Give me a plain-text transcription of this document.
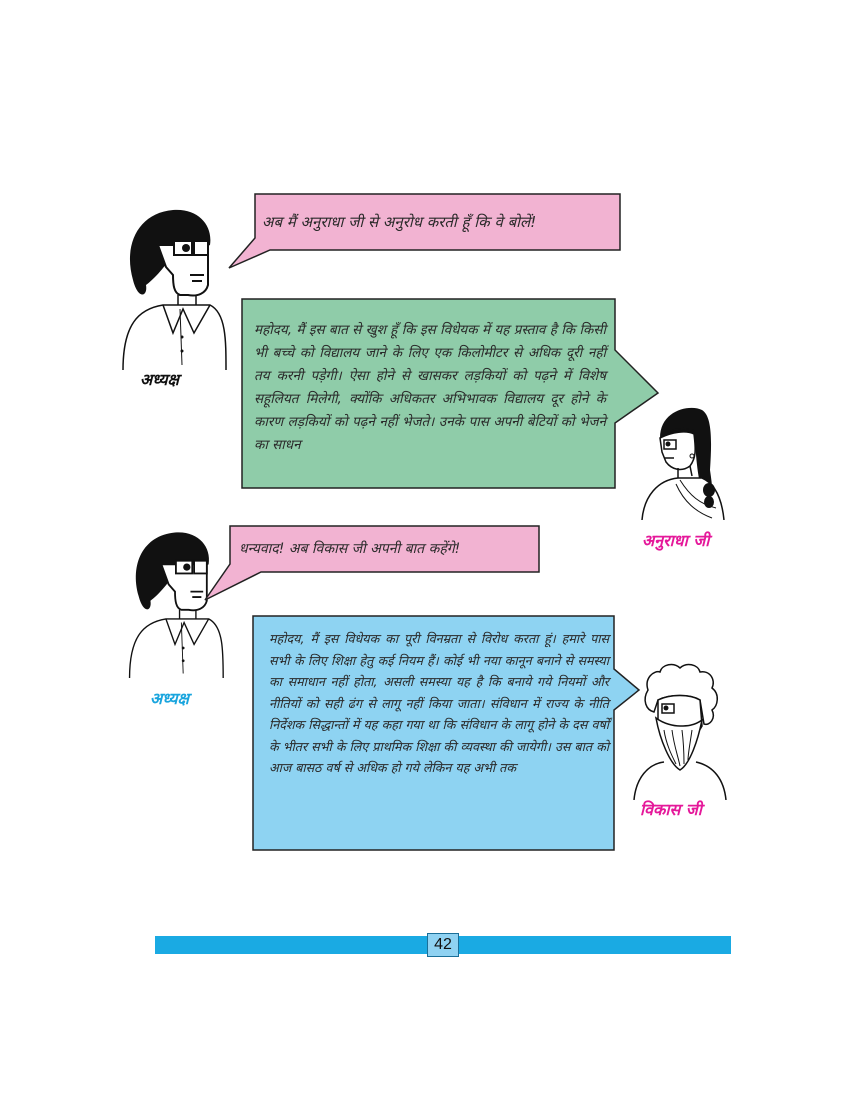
अध्यक्ष
अब मैं अनुराधा जी से अनुरोध करती हूँ कि वे बोलें!
महोदय, मैं इस बात से खुश हूँ कि इस विधेयक में यह प्रस्ताव है कि किसी भी बच्चे को विद्यालय जाने के लिए एक किलोमीटर से अधिक दूरी नहीं तय करनी पड़ेगी। ऐसा होने से खासकर लड़कियों को पढ़ने में विशेष सहूलियत मिलेगी, क्योंकि अधिकतर अभिभावक विद्यालय दूर होने के कारण लड़कियों को पढ़ने नहीं भेजते। उनके पास अपनी बेटियों को भेजने का साधन
अनुराधा जी
अध्यक्ष
धन्यवाद! अब विकास जी अपनी बात कहेंगे!
महोदय, मैं इस विधेयक का पूरी विनम्रता से विरोध करता हूं। हमारे पास सभी के लिए शिक्षा हेतु कई नियम हैं। कोई भी नया कानून बनाने से समस्या का समाधान नहीं होता, असली समस्या यह है कि बनाये गये नियमों और नीतियों को सही ढंग से लागू नहीं किया जाता। संविधान में राज्य के नीति निर्देशक सिद्धान्तों में यह कहा गया था कि संविधान के लागू होने के दस वर्षों के भीतर सभी के लिए प्राथमिक शिक्षा की व्यवस्था की जायेगी। उस बात को आज बासठ वर्ष से अधिक हो गये लेकिन यह अभी तक
विकास जी
42
